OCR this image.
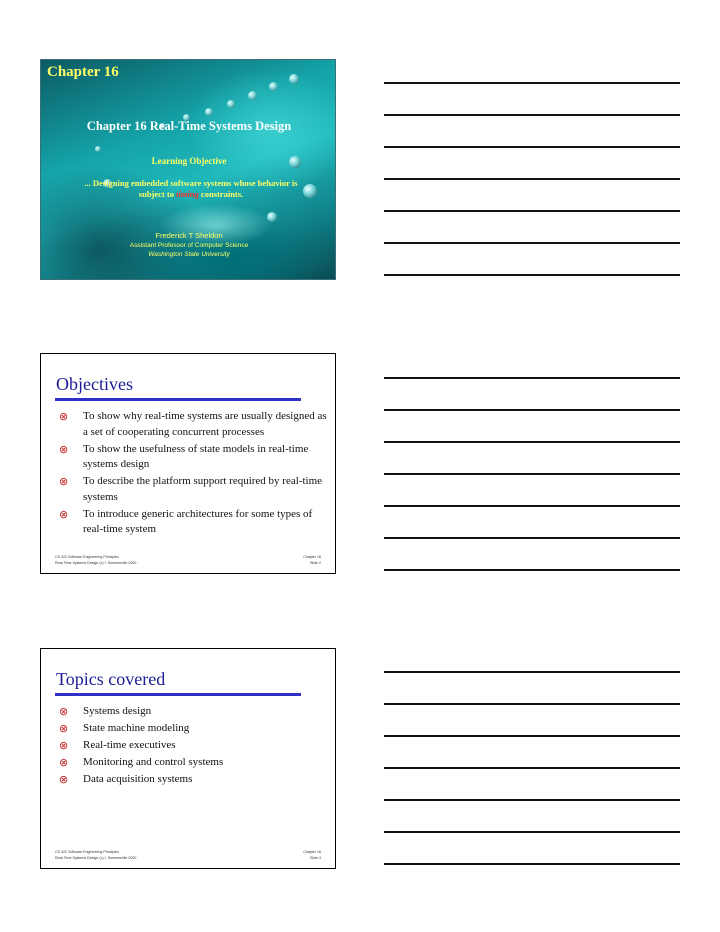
Chapter 16
Chapter 16 Real-Time Systems Design
Learning Objective
... Designing embedded software systems whose behavior is subject to timing constraints.
Frederick T Sheldon
Assistant Professor of Computer Science
Washington State University
Objectives
⊗ To show why real-time systems are usually designed as a set of cooperating concurrent processes
⊗ To show the usefulness of state models in real-time systems design
⊗ To describe the platform support required by real-time systems
⊗ To introduce generic architectures for some types of real-time system
CS 422 Software Engineering Principles
Real-Time Systems Design (c) I. Sommerville 2000
Chapter 16
Slide 2
Topics covered
⊗ Systems design
⊗ State machine modeling
⊗ Real-time executives
⊗ Monitoring and control systems
⊗ Data acquisition systems
CS 422 Software Engineering Principles
Real-Time Systems Design (c) I. Sommerville 2000
Chapter 16
Slide 3
